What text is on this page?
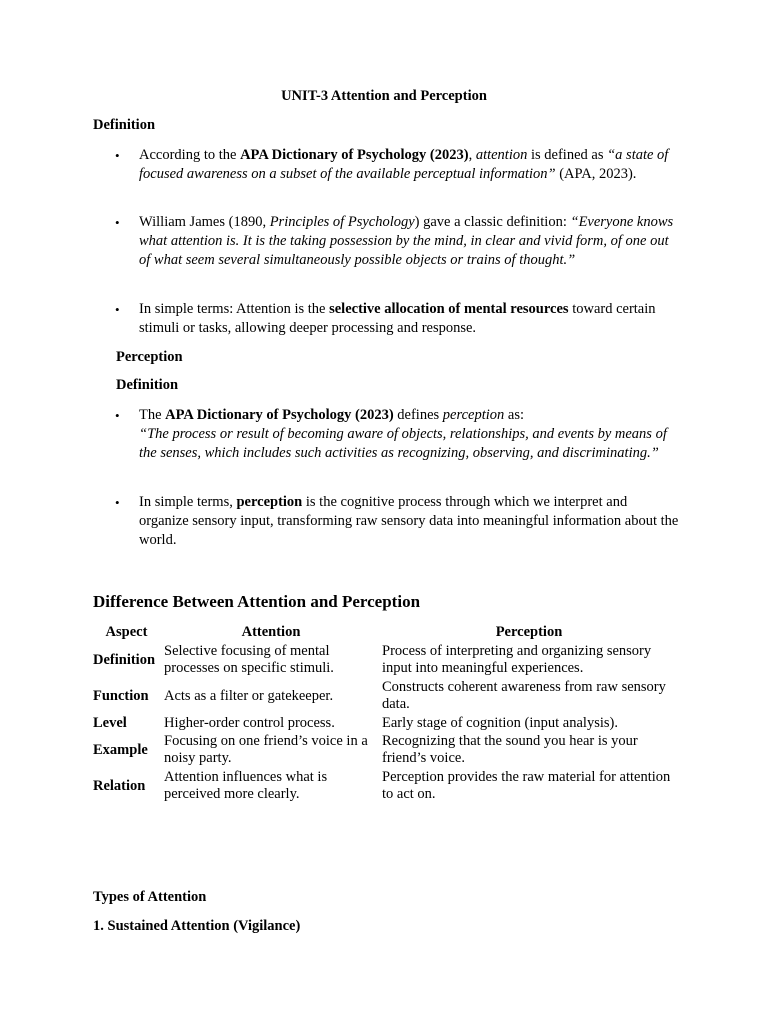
UNIT-3 Attention and Perception
Definition
• According to the APA Dictionary of Psychology (2023), attention is defined as “a state of focused awareness on a subset of the available perceptual information” (APA, 2023).
• William James (1890, Principles of Psychology) gave a classic definition: “Everyone knows what attention is. It is the taking possession by the mind, in clear and vivid form, of one out of what seem several simultaneously possible objects or trains of thought.”
• In simple terms: Attention is the selective allocation of mental resources toward certain stimuli or tasks, allowing deeper processing and response.
Perception
Definition
• The APA Dictionary of Psychology (2023) defines perception as:
“The process or result of becoming aware of objects, relationships, and events by means of the senses, which includes such activities as recognizing, observing, and discriminating.”
• In simple terms, perception is the cognitive process through which we interpret and organize sensory input, transforming raw sensory data into meaningful information about the world.
Difference Between Attention and Perception
Aspect	Attention	Perception
Definition	Selective focusing of mental processes on specific stimuli.	Process of interpreting and organizing sensory input into meaningful experiences.
Function	Acts as a filter or gatekeeper.	Constructs coherent awareness from raw sensory data.
Level	Higher-order control process.	Early stage of cognition (input analysis).
Example	Focusing on one friend’s voice in a noisy party.	Recognizing that the sound you hear is your friend’s voice.
Relation	Attention influences what is perceived more clearly.	Perception provides the raw material for attention to act on.
Types of Attention
1. Sustained Attention (Vigilance)
